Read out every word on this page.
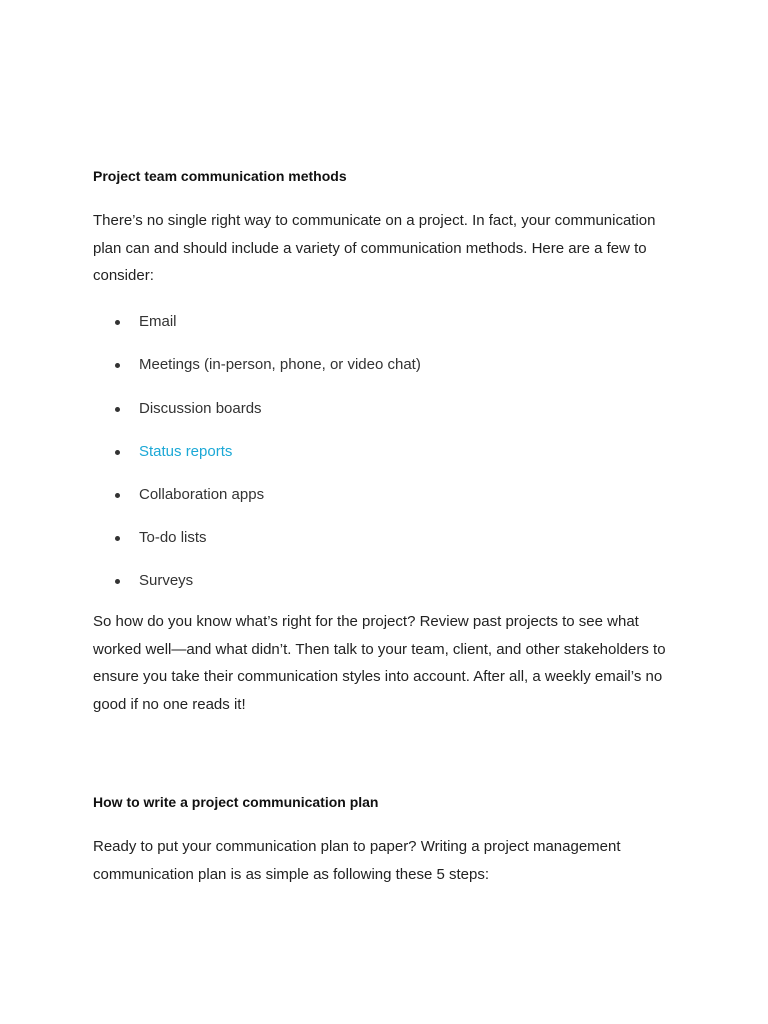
Project team communication methods

There’s no single right way to communicate on a project. In fact, your communication plan can and should include a variety of communication methods. Here are a few to consider:

Email
Meetings (in-person, phone, or video chat)
Discussion boards
Status reports
Collaboration apps
To-do lists
Surveys

So how do you know what’s right for the project? Review past projects to see what worked well—and what didn’t. Then talk to your team, client, and other stakeholders to ensure you take their communication styles into account. After all, a weekly email’s no good if no one reads it!

How to write a project communication plan

Ready to put your communication plan to paper? Writing a project management communication plan is as simple as following these 5 steps:
